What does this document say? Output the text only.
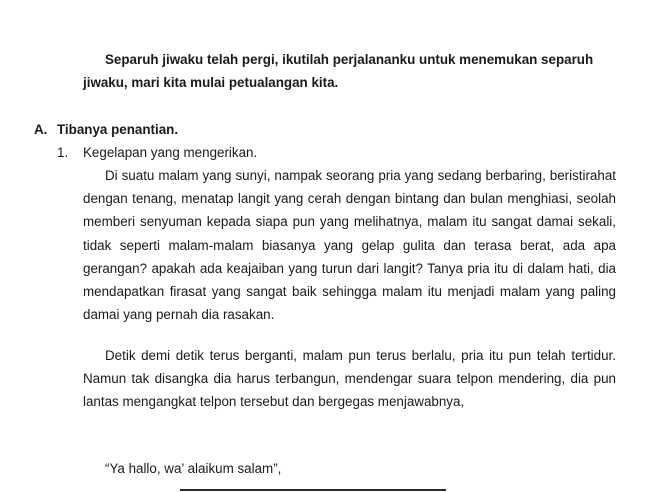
Separuh jiwaku telah pergi, ikutilah perjalananku untuk menemukan separuh jiwaku, mari kita mulai petualangan kita.

A. Tibanya penantian.

1. Kegelapan yang mengerikan.

Di suatu malam yang sunyi, nampak seorang pria yang sedang berbaring, beristirahat dengan tenang, menatap langit yang cerah dengan bintang dan bulan menghiasi, seolah memberi senyuman kepada siapa pun yang melihatnya, malam itu sangat damai sekali, tidak seperti malam-malam biasanya yang gelap gulita dan terasa berat, ada apa gerangan? apakah ada keajaiban yang turun dari langit? Tanya pria itu di dalam hati, dia mendapatkan firasat yang sangat baik sehingga malam itu menjadi malam yang paling damai yang pernah dia rasakan.

Detik demi detik terus berganti, malam pun terus berlalu, pria itu pun telah tertidur. Namun tak disangka dia harus terbangun, mendengar suara telpon mendering, dia pun lantas mengangkat telpon tersebut dan bergegas menjawabnya,

“Ya hallo, wa’ alaikum salam”,
